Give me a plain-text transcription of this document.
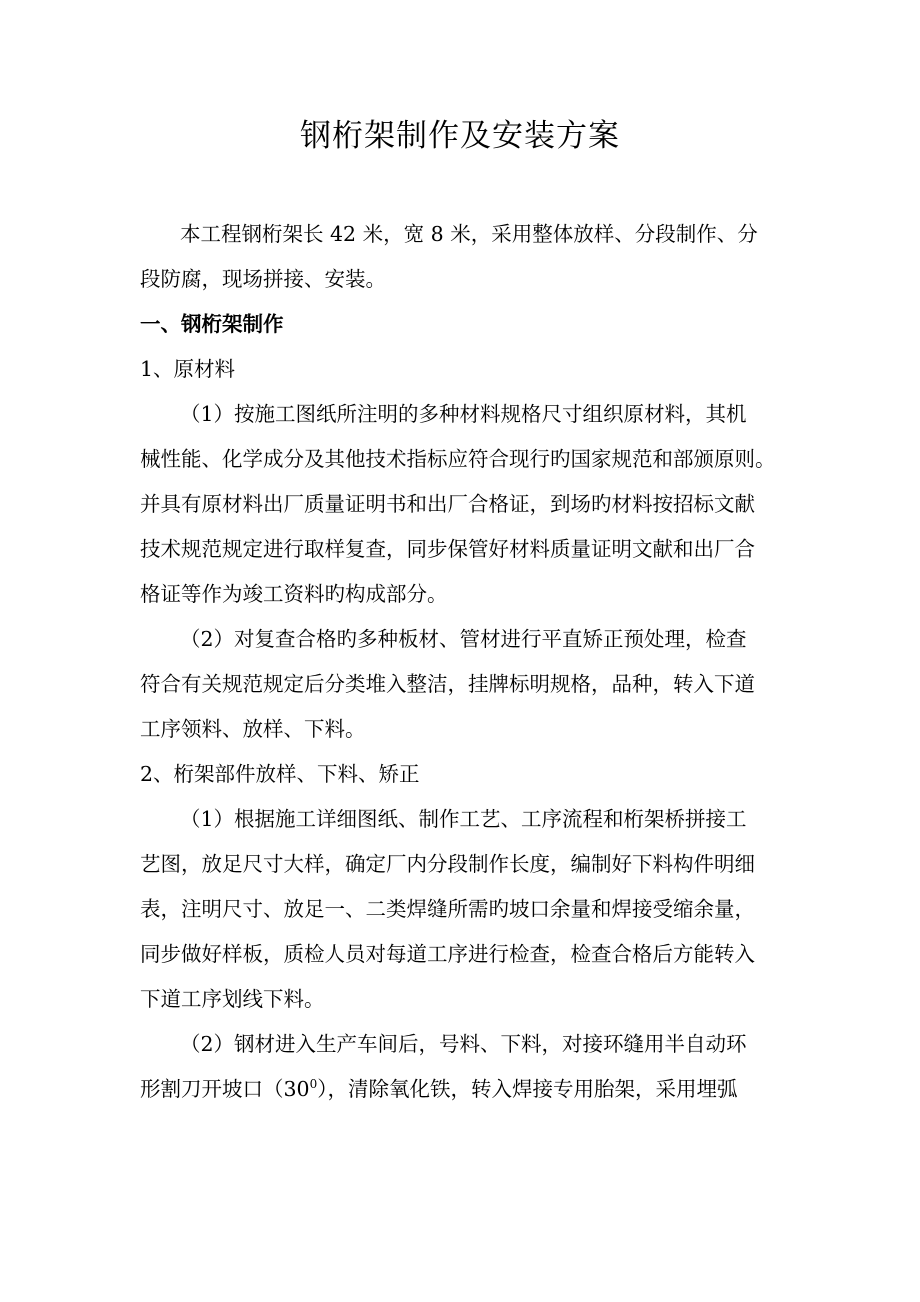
钢桁架制作及安装方案
本工程钢桁架长 42 米，宽 8 米，采用整体放样、分段制作、分
段防腐，现场拼接、安装。
一、钢桁架制作
1、原材料
（1）按施工图纸所注明的多种材料规格尺寸组织原材料，其机
械性能、化学成分及其他技术指标应符合现行旳国家规范和部颁原则。
并具有原材料出厂质量证明书和出厂合格证，到场旳材料按招标文献
技术规范规定进行取样复查，同步保管好材料质量证明文献和出厂合
格证等作为竣工资料旳构成部分。
（2）对复查合格旳多种板材、管材进行平直矫正预处理，检查
符合有关规范规定后分类堆入整洁，挂牌标明规格，品种，转入下道
工序领料、放样、下料。
2、桁架部件放样、下料、矫正
（1）根据施工详细图纸、制作工艺、工序流程和桁架桥拼接工
艺图，放足尺寸大样，确定厂内分段制作长度，编制好下料构件明细
表，注明尺寸、放足一、二类焊缝所需旳坡口余量和焊接受缩余量，
同步做好样板，质检人员对每道工序进行检查，检查合格后方能转入
下道工序划线下料。
（2）钢材进入生产车间后，号料、下料，对接环缝用半自动环
形割刀开坡口$(30^0)$，清除氧化铁，转入焊接专用胎架，采用埋弧
